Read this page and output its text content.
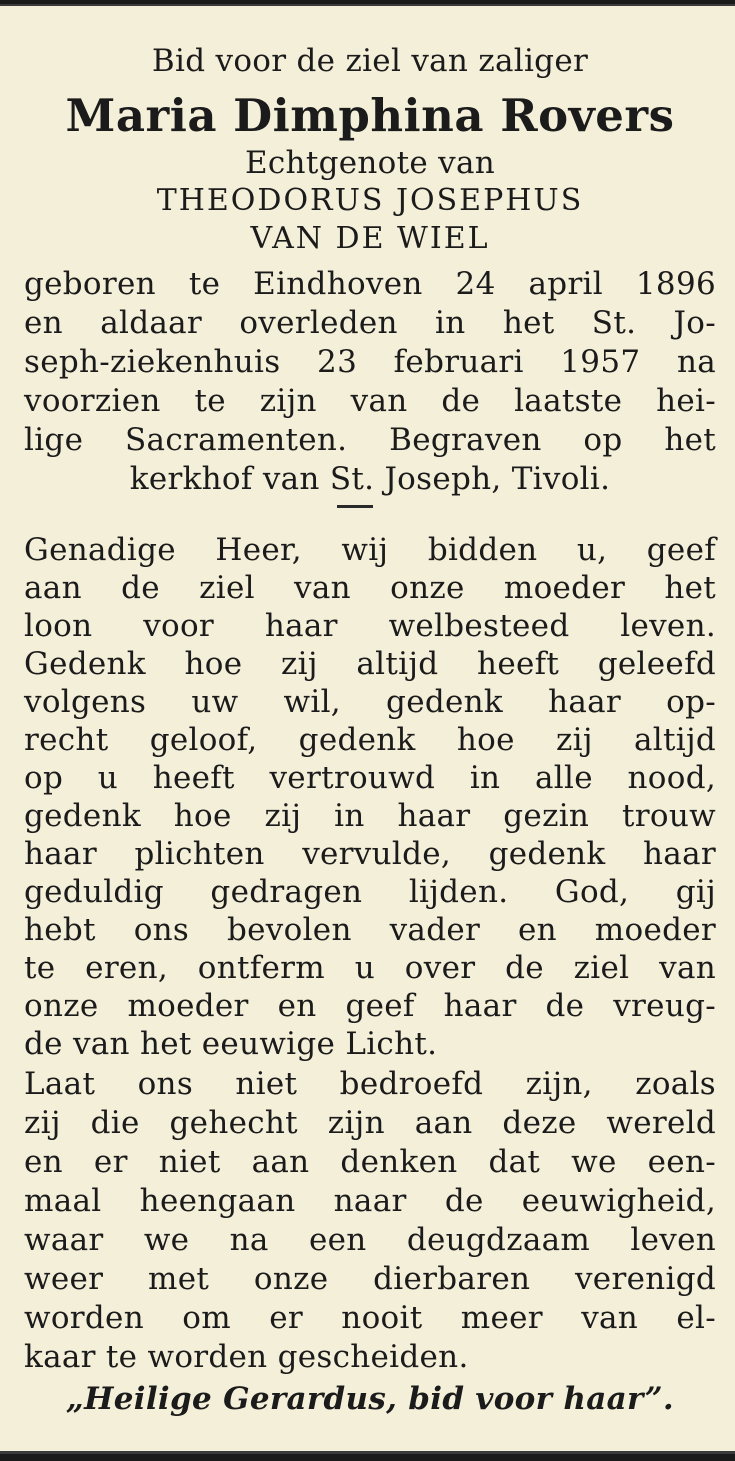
Bid voor de ziel van zaliger
Maria Dimphina Rovers
Echtgenote van
THEODORUS JOSEPHUS
VAN DE WIEL
geboren te Eindhoven 24 april 1896
en aldaar overleden in het St. Jo-
seph-ziekenhuis 23 februari 1957 na
voorzien te zijn van de laatste hei-
lige Sacramenten. Begraven op het
kerkhof van St. Joseph, Tivoli.
Genadige Heer, wij bidden u, geef
aan de ziel van onze moeder het
loon voor haar welbesteed leven.
Gedenk hoe zij altijd heeft geleefd
volgens uw wil, gedenk haar op-
recht geloof, gedenk hoe zij altijd
op u heeft vertrouwd in alle nood,
gedenk hoe zij in haar gezin trouw
haar plichten vervulde, gedenk haar
geduldig gedragen lijden. God, gij
hebt ons bevolen vader en moeder
te eren, ontferm u over de ziel van
onze moeder en geef haar de vreug-
de van het eeuwige Licht.
Laat ons niet bedroefd zijn, zoals
zij die gehecht zijn aan deze wereld
en er niet aan denken dat we een-
maal heengaan naar de eeuwigheid,
waar we na een deugdzaam leven
weer met onze dierbaren verenigd
worden om er nooit meer van el-
kaar te worden gescheiden.
„Heilige Gerardus, bid voor haar”.
